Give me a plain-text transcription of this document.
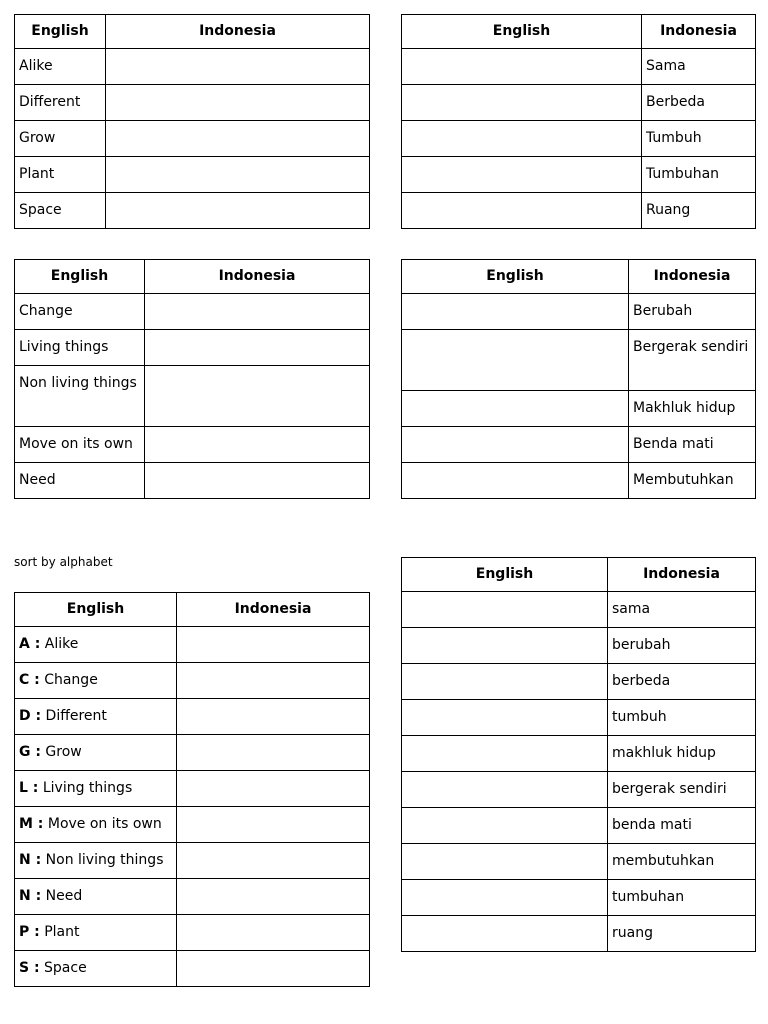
English	Indonesia
Alike	
Different	
Grow	
Plant	
Space	
English	Indonesia
	Sama
	Berbeda
	Tumbuh
	Tumbuhan
	Ruang
English	Indonesia
Change	
Living things	
Non living things	
Move on its own	
Need	
English	Indonesia
	Berubah
	Bergerak sendiri
	Makhluk hidup
	Benda mati
	Membutuhkan
sort by alphabet
English	Indonesia
A : Alike	
C : Change	
D : Different	
G : Grow	
L : Living things	
M : Move on its own	
N : Non living things	
N : Need	
P : Plant	
S : Space	
English	Indonesia
	sama
	berubah
	berbeda
	tumbuh
	makhluk hidup
	bergerak sendiri
	benda mati
	membutuhkan
	tumbuhan
	ruang
